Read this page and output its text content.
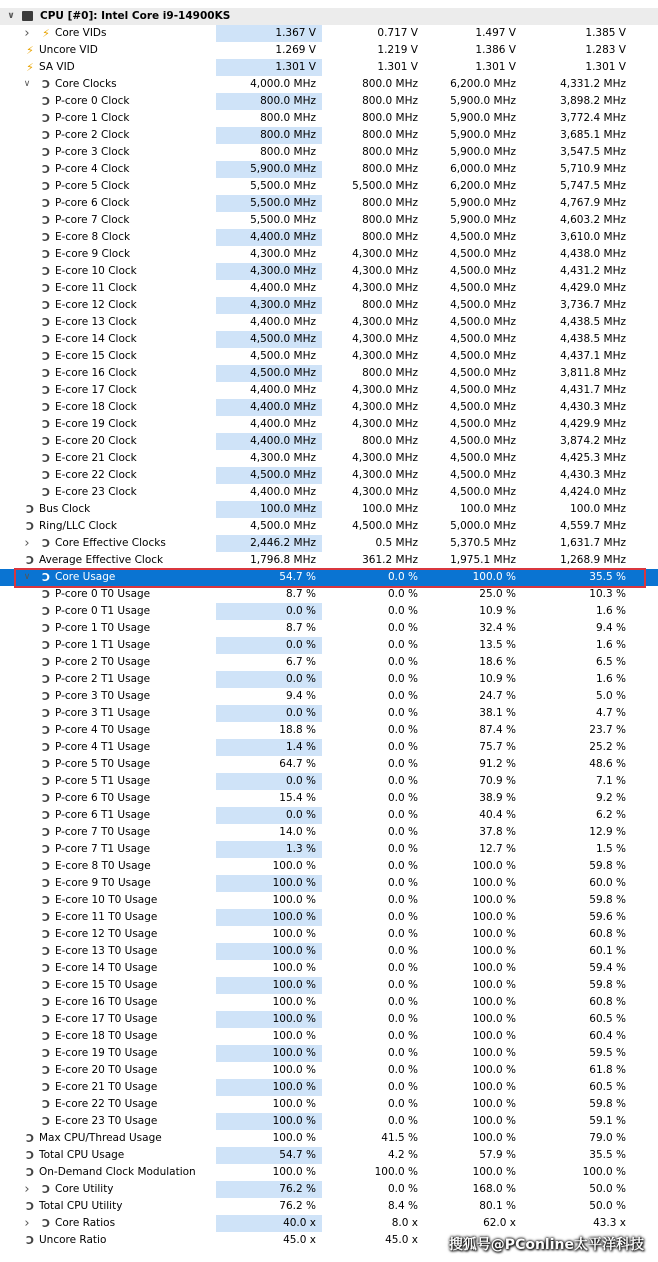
∨	CPU [#0]: Intel Core i9-14900KS
›	⚡ Core VIDs	1.367 V	0.717 V	1.497 V	1.385 V
⚡ Uncore VID	1.269 V	1.219 V	1.386 V	1.283 V
⚡ SA VID	1.301 V	1.301 V	1.301 V	1.301 V
∨	Ɔ Core Clocks	4,000.0 MHz	800.0 MHz	6,200.0 MHz	4,331.2 MHz
Ɔ P-core 0 Clock	800.0 MHz	800.0 MHz	5,900.0 MHz	3,898.2 MHz
Ɔ P-core 1 Clock	800.0 MHz	800.0 MHz	5,900.0 MHz	3,772.4 MHz
Ɔ P-core 2 Clock	800.0 MHz	800.0 MHz	5,900.0 MHz	3,685.1 MHz
Ɔ P-core 3 Clock	800.0 MHz	800.0 MHz	5,900.0 MHz	3,547.5 MHz
Ɔ P-core 4 Clock	5,900.0 MHz	800.0 MHz	6,000.0 MHz	5,710.9 MHz
Ɔ P-core 5 Clock	5,500.0 MHz	5,500.0 MHz	6,200.0 MHz	5,747.5 MHz
Ɔ P-core 6 Clock	5,500.0 MHz	800.0 MHz	5,900.0 MHz	4,767.9 MHz
Ɔ P-core 7 Clock	5,500.0 MHz	800.0 MHz	5,900.0 MHz	4,603.2 MHz
Ɔ E-core 8 Clock	4,400.0 MHz	800.0 MHz	4,500.0 MHz	3,610.0 MHz
Ɔ E-core 9 Clock	4,300.0 MHz	4,300.0 MHz	4,500.0 MHz	4,438.0 MHz
Ɔ E-core 10 Clock	4,300.0 MHz	4,300.0 MHz	4,500.0 MHz	4,431.2 MHz
Ɔ E-core 11 Clock	4,400.0 MHz	4,300.0 MHz	4,500.0 MHz	4,429.0 MHz
Ɔ E-core 12 Clock	4,300.0 MHz	800.0 MHz	4,500.0 MHz	3,736.7 MHz
Ɔ E-core 13 Clock	4,400.0 MHz	4,300.0 MHz	4,500.0 MHz	4,438.5 MHz
Ɔ E-core 14 Clock	4,500.0 MHz	4,300.0 MHz	4,500.0 MHz	4,438.5 MHz
Ɔ E-core 15 Clock	4,500.0 MHz	4,300.0 MHz	4,500.0 MHz	4,437.1 MHz
Ɔ E-core 16 Clock	4,500.0 MHz	800.0 MHz	4,500.0 MHz	3,811.8 MHz
Ɔ E-core 17 Clock	4,400.0 MHz	4,300.0 MHz	4,500.0 MHz	4,431.7 MHz
Ɔ E-core 18 Clock	4,400.0 MHz	4,300.0 MHz	4,500.0 MHz	4,430.3 MHz
Ɔ E-core 19 Clock	4,400.0 MHz	4,300.0 MHz	4,500.0 MHz	4,429.9 MHz
Ɔ E-core 20 Clock	4,400.0 MHz	800.0 MHz	4,500.0 MHz	3,874.2 MHz
Ɔ E-core 21 Clock	4,300.0 MHz	4,300.0 MHz	4,500.0 MHz	4,425.3 MHz
Ɔ E-core 22 Clock	4,500.0 MHz	4,300.0 MHz	4,500.0 MHz	4,430.3 MHz
Ɔ E-core 23 Clock	4,400.0 MHz	4,300.0 MHz	4,500.0 MHz	4,424.0 MHz
Ɔ Bus Clock	100.0 MHz	100.0 MHz	100.0 MHz	100.0 MHz
Ɔ Ring/LLC Clock	4,500.0 MHz	4,500.0 MHz	5,000.0 MHz	4,559.7 MHz
›	Ɔ Core Effective Clocks	2,446.2 MHz	0.5 MHz	5,370.5 MHz	1,631.7 MHz
Ɔ Average Effective Clock	1,796.8 MHz	361.2 MHz	1,975.1 MHz	1,268.9 MHz
∨	Ɔ Core Usage	54.7 %	0.0 %	100.0 %	35.5 %
Ɔ P-core 0 T0 Usage	8.7 %	0.0 %	25.0 %	10.3 %
Ɔ P-core 0 T1 Usage	0.0 %	0.0 %	10.9 %	1.6 %
Ɔ P-core 1 T0 Usage	8.7 %	0.0 %	32.4 %	9.4 %
Ɔ P-core 1 T1 Usage	0.0 %	0.0 %	13.5 %	1.6 %
Ɔ P-core 2 T0 Usage	6.7 %	0.0 %	18.6 %	6.5 %
Ɔ P-core 2 T1 Usage	0.0 %	0.0 %	10.9 %	1.6 %
Ɔ P-core 3 T0 Usage	9.4 %	0.0 %	24.7 %	5.0 %
Ɔ P-core 3 T1 Usage	0.0 %	0.0 %	38.1 %	4.7 %
Ɔ P-core 4 T0 Usage	18.8 %	0.0 %	87.4 %	23.7 %
Ɔ P-core 4 T1 Usage	1.4 %	0.0 %	75.7 %	25.2 %
Ɔ P-core 5 T0 Usage	64.7 %	0.0 %	91.2 %	48.6 %
Ɔ P-core 5 T1 Usage	0.0 %	0.0 %	70.9 %	7.1 %
Ɔ P-core 6 T0 Usage	15.4 %	0.0 %	38.9 %	9.2 %
Ɔ P-core 6 T1 Usage	0.0 %	0.0 %	40.4 %	6.2 %
Ɔ P-core 7 T0 Usage	14.0 %	0.0 %	37.8 %	12.9 %
Ɔ P-core 7 T1 Usage	1.3 %	0.0 %	12.7 %	1.5 %
Ɔ E-core 8 T0 Usage	100.0 %	0.0 %	100.0 %	59.8 %
Ɔ E-core 9 T0 Usage	100.0 %	0.0 %	100.0 %	60.0 %
Ɔ E-core 10 T0 Usage	100.0 %	0.0 %	100.0 %	59.8 %
Ɔ E-core 11 T0 Usage	100.0 %	0.0 %	100.0 %	59.6 %
Ɔ E-core 12 T0 Usage	100.0 %	0.0 %	100.0 %	60.8 %
Ɔ E-core 13 T0 Usage	100.0 %	0.0 %	100.0 %	60.1 %
Ɔ E-core 14 T0 Usage	100.0 %	0.0 %	100.0 %	59.4 %
Ɔ E-core 15 T0 Usage	100.0 %	0.0 %	100.0 %	59.8 %
Ɔ E-core 16 T0 Usage	100.0 %	0.0 %	100.0 %	60.8 %
Ɔ E-core 17 T0 Usage	100.0 %	0.0 %	100.0 %	60.5 %
Ɔ E-core 18 T0 Usage	100.0 %	0.0 %	100.0 %	60.4 %
Ɔ E-core 19 T0 Usage	100.0 %	0.0 %	100.0 %	59.5 %
Ɔ E-core 20 T0 Usage	100.0 %	0.0 %	100.0 %	61.8 %
Ɔ E-core 21 T0 Usage	100.0 %	0.0 %	100.0 %	60.5 %
Ɔ E-core 22 T0 Usage	100.0 %	0.0 %	100.0 %	59.8 %
Ɔ E-core 23 T0 Usage	100.0 %	0.0 %	100.0 %	59.1 %
Ɔ Max CPU/Thread Usage	100.0 %	41.5 %	100.0 %	79.0 %
Ɔ Total CPU Usage	54.7 %	4.2 %	57.9 %	35.5 %
Ɔ On-Demand Clock Modulation	100.0 %	100.0 %	100.0 %	100.0 %
›	Ɔ Core Utility	76.2 %	0.0 %	168.0 %	50.0 %
Ɔ Total CPU Utility	76.2 %	8.4 %	80.1 %	50.0 %
›	Ɔ Core Ratios	40.0 x	8.0 x	62.0 x	43.3 x
Ɔ Uncore Ratio	45.0 x	45.0 x	搜狐号@PConline太平洋科技
